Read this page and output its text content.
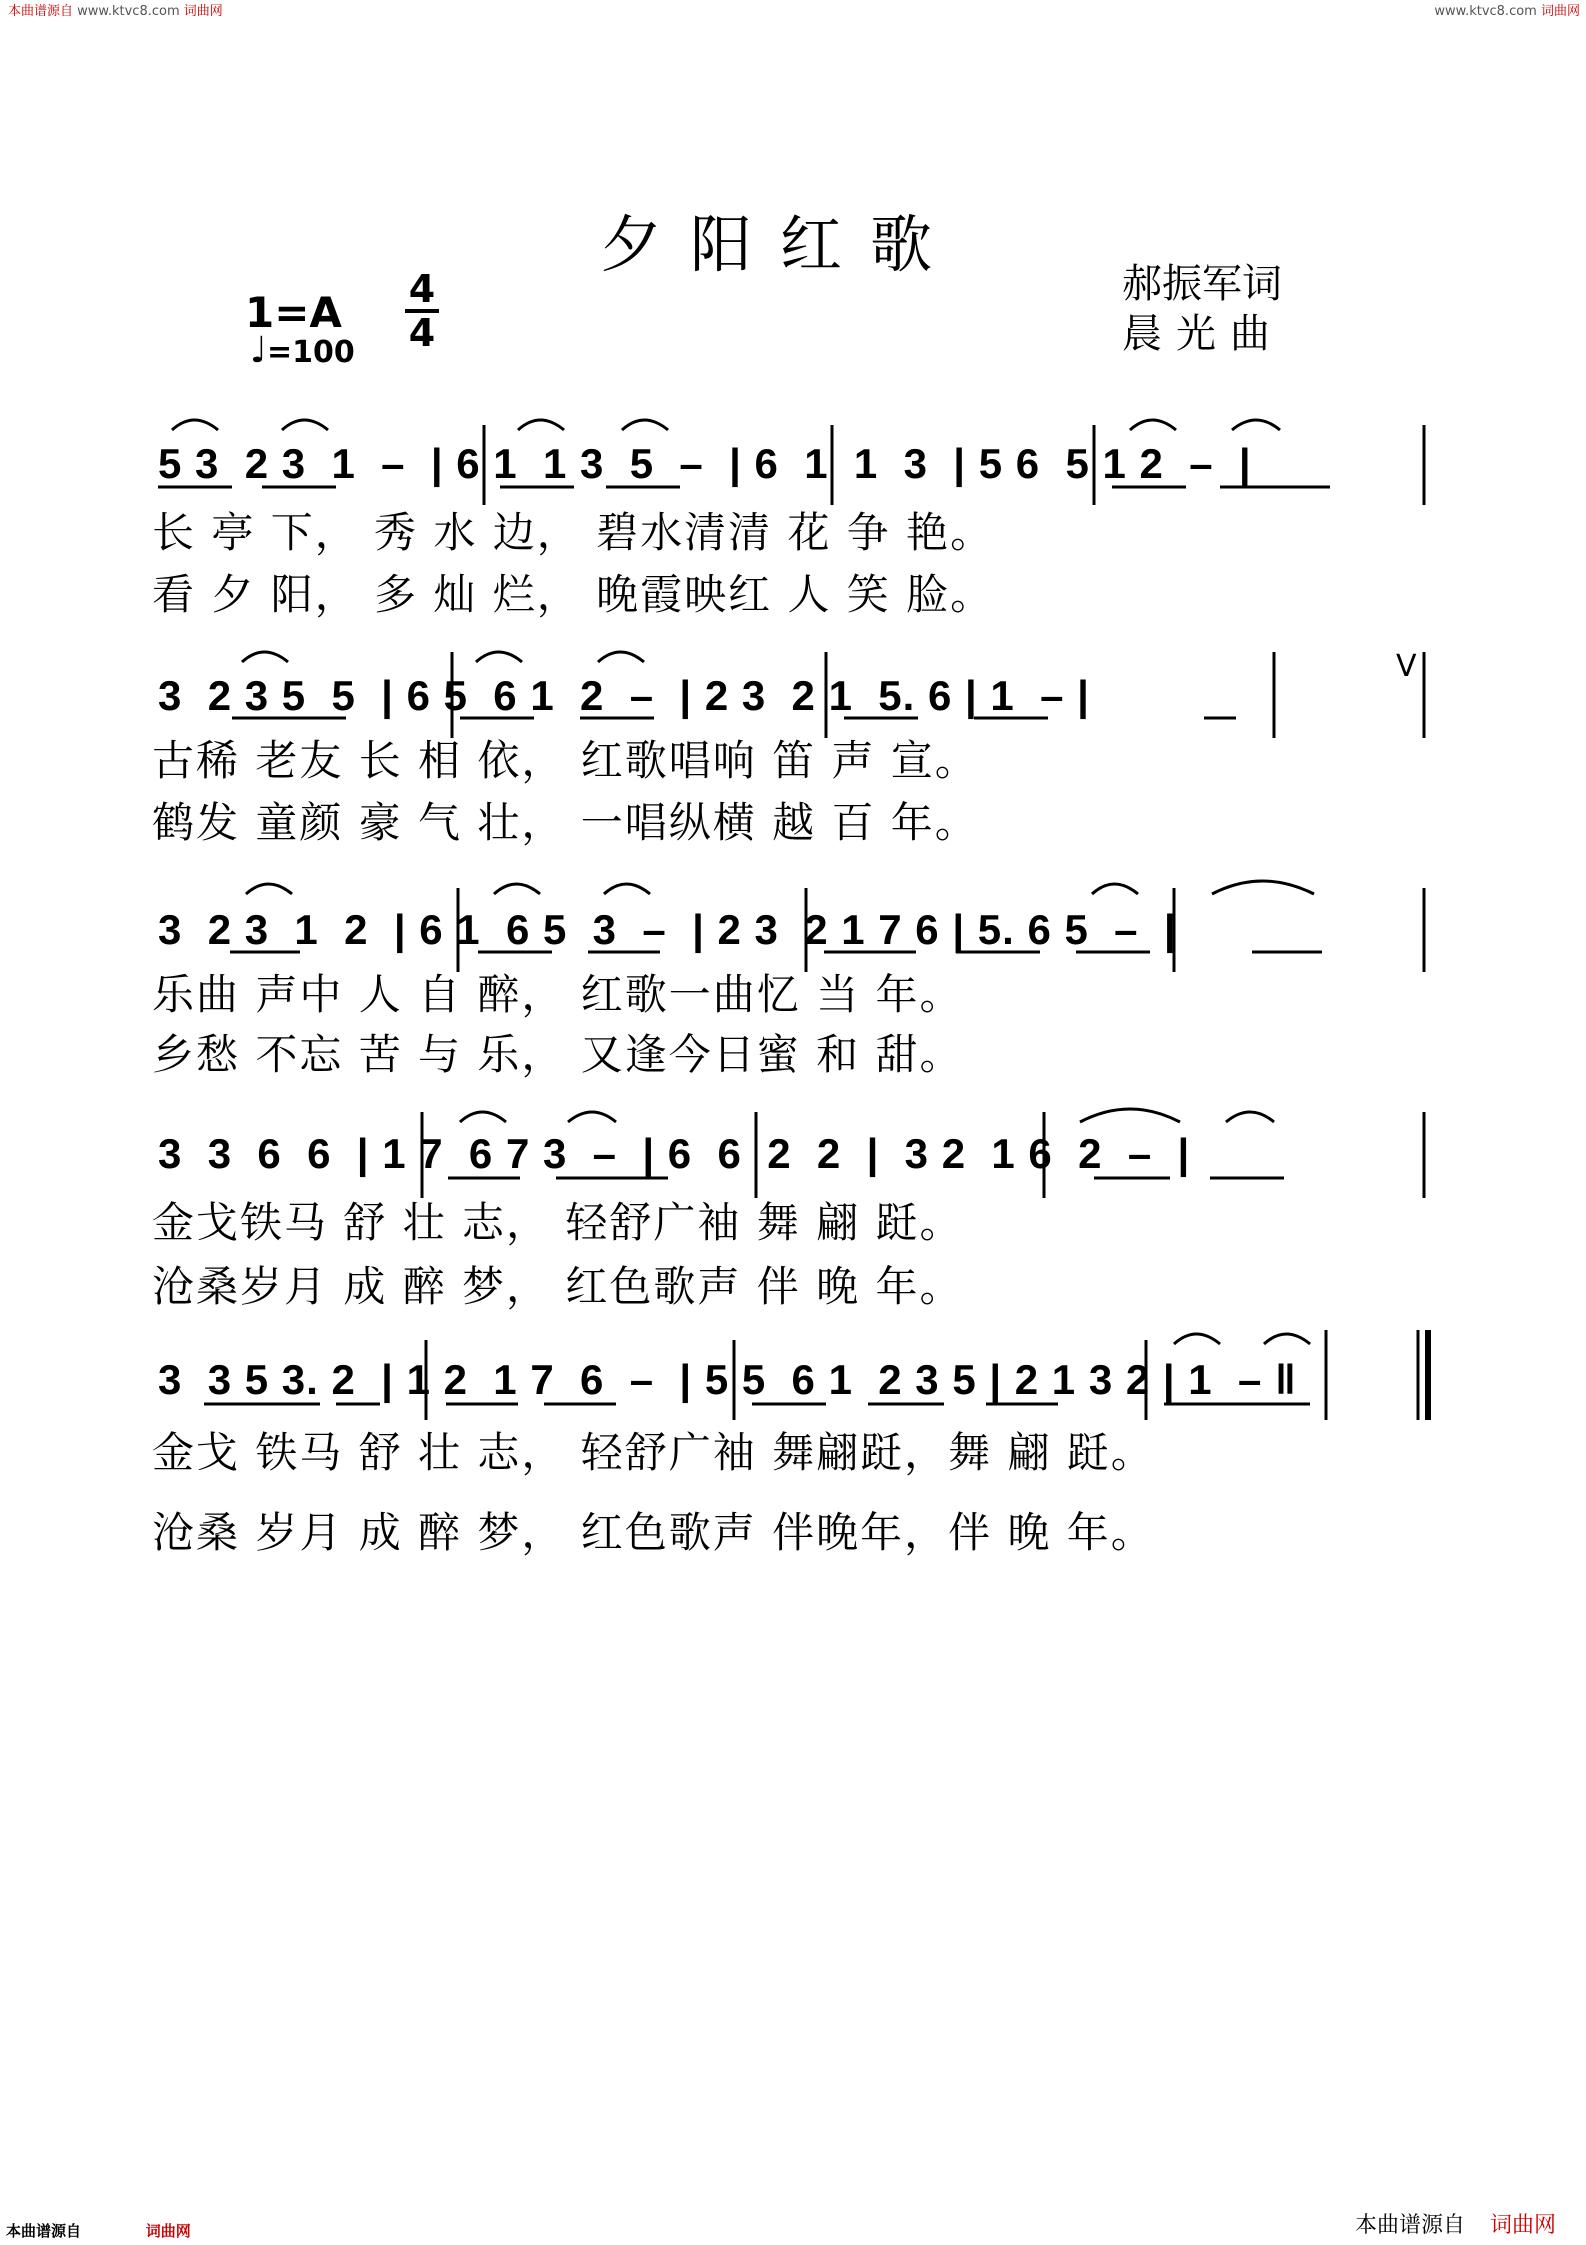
本曲谱源自 www.ktvc8.com 词曲网	www.ktvc8.com 词曲网
夕阳红歌
郝振军词
晨光曲
1=A 4
4
♩=100
5 3  2 3  1  –  | 6 1  1 3  5  –  | 6  1  1  3  | 5 6  5 1 2  –  |
长 亭 下， 秀 水 边， 碧水清清 花 争 艳。
看 夕 阳， 多 灿 烂， 晚霞映红 人 笑 脸。
3  2 3 5  5  | 6 5  6 1  2  –  | 2 3  2 1  5. 6 | 1  – |
古稀 老友 长 相 依， 红歌唱响 笛 声 宣。
鹤发 童颜 豪 气 壮， 一唱纵横 越 百 年。
3  2 3  1  2  | 6 1  6 5  3  –  | 2 3  2 1 7 6 | 5. 6 5  –  |
乐曲 声中 人 自 醉， 红歌一曲忆 当 年。
乡愁 不忘 苦 与 乐， 又逢今日蜜 和 甜。
3  3  6  6  | 1 7  6 7 3  –  | 6  6  2  2  |  3 2  1 6  2  –  |
金戈铁马 舒 壮 志， 轻舒广袖 舞 翩 跹。
沧桑岁月 成 醉 梦， 红色歌声 伴 晚 年。
3  3 5 3. 2  | 1 2  1 7  6  –  | 5 5  6 1  2 3 5 | 2 1 3 2 | 1  – ‖
金戈 铁马 舒 壮 志， 轻舒广袖 舞翩跹，舞 翩 跹。
沧桑 岁月 成 醉 梦， 红色歌声 伴晚年，伴 晚 年。
V
本曲谱源自	词曲网	本曲谱源自 词曲网
